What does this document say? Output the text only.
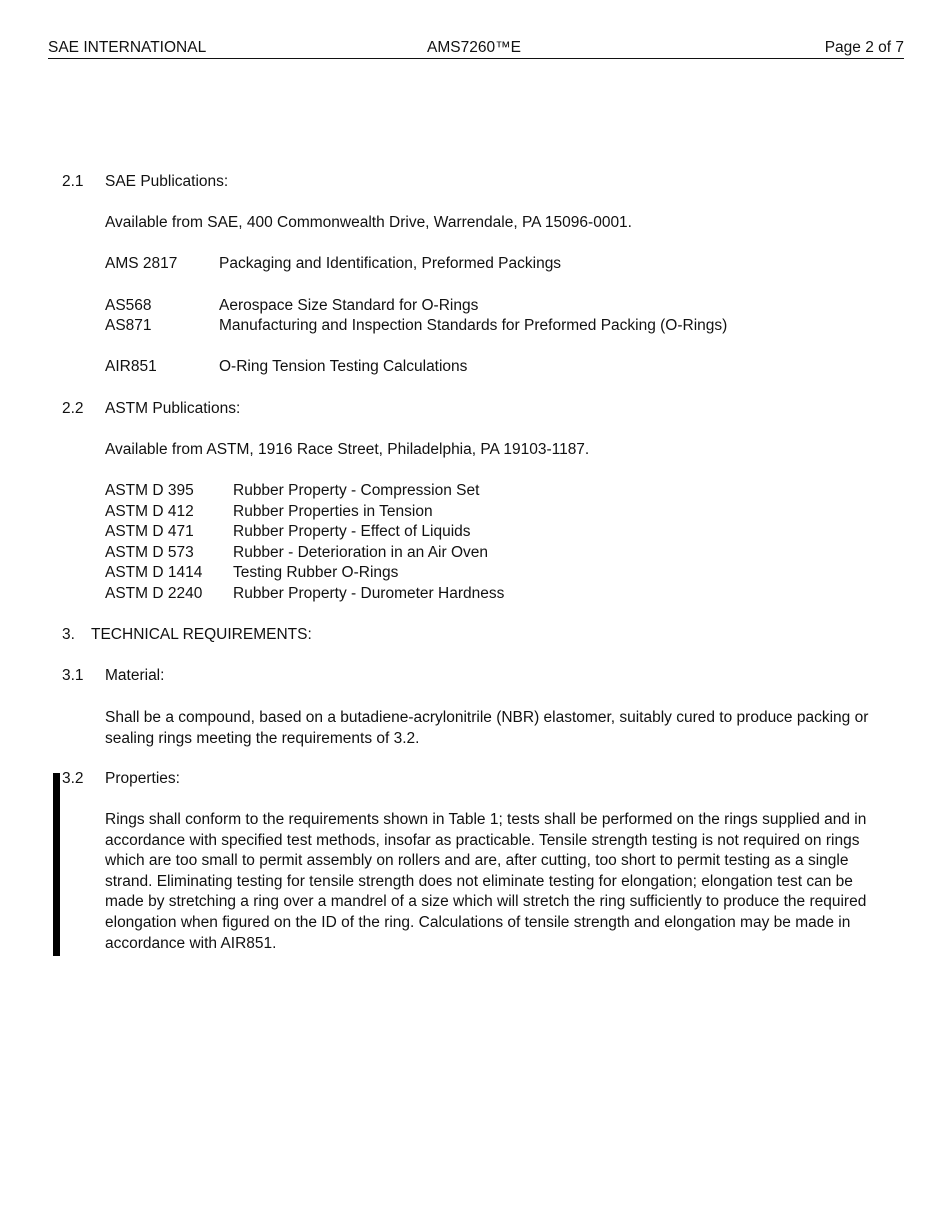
SAE INTERNATIONAL	AMS7260™E	Page 2 of 7
2.1 SAE Publications:
Available from SAE, 400 Commonwealth Drive, Warrendale, PA 15096-0001.
AMS 2817	Packaging and Identification, Preformed Packings
AS568	Aerospace Size Standard for O-Rings
AS871	Manufacturing and Inspection Standards for Preformed Packing (O-Rings)
AIR851	O-Ring Tension Testing Calculations
2.2 ASTM Publications:
Available from ASTM, 1916 Race Street, Philadelphia, PA 19103-1187.
ASTM D 395	Rubber Property - Compression Set
ASTM D 412	Rubber Properties in Tension
ASTM D 471	Rubber Property - Effect of Liquids
ASTM D 573	Rubber - Deterioration in an Air Oven
ASTM D 1414 Testing Rubber O-Rings
ASTM D 2240 Rubber Property - Durometer Hardness
3. TECHNICAL REQUIREMENTS:
3.1 Material:
Shall be a compound, based on a butadiene-acrylonitrile (NBR) elastomer, suitably cured to produce packing or sealing rings meeting the requirements of 3.2.
3.2 Properties:
Rings shall conform to the requirements shown in Table 1; tests shall be performed on the rings supplied and in accordance with specified test methods, insofar as practicable. Tensile strength testing is not required on rings which are too small to permit assembly on rollers and are, after cutting, too short to permit testing as a single strand. Eliminating testing for tensile strength does not eliminate testing for elongation; elongation test can be made by stretching a ring over a mandrel of a size which will stretch the ring sufficiently to produce the required elongation when figured on the ID of the ring. Calculations of tensile strength and elongation may be made in accordance with AIR851.
